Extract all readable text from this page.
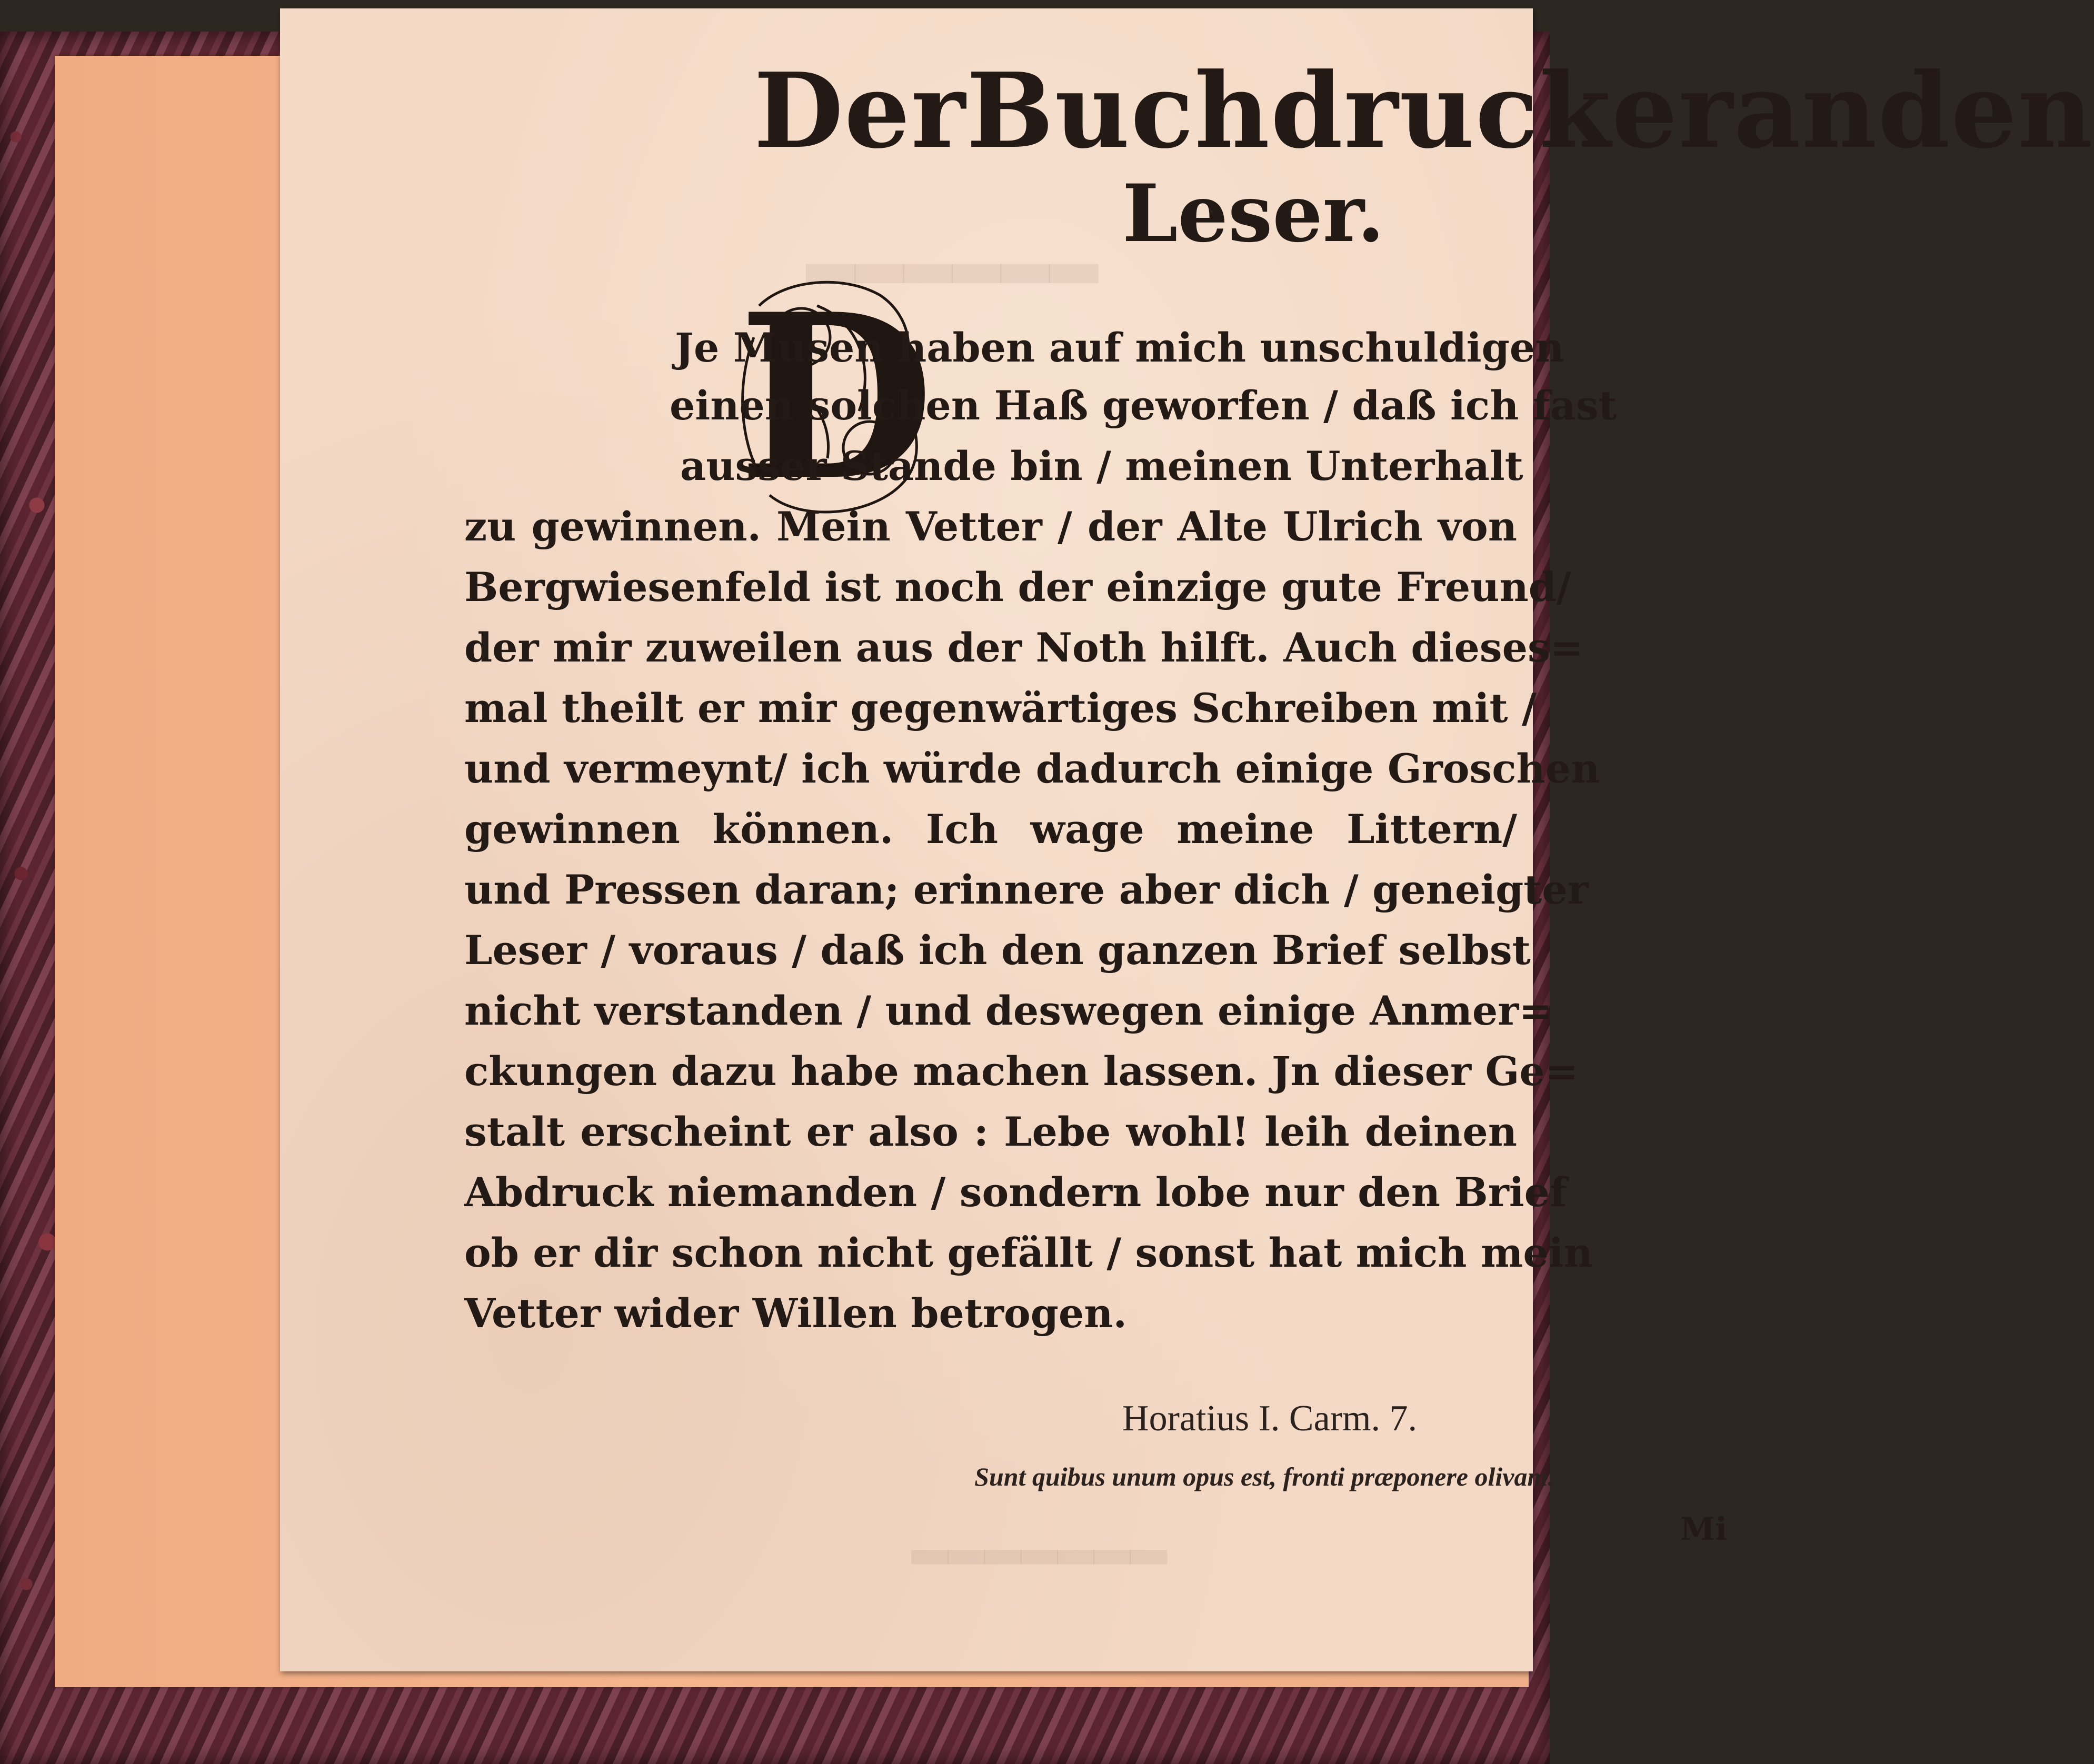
▂▂▂▂▂▂
▂▂▂▂▂▂▂
Der Buchdrucker an den
Leser.
D
Je Musen haben auf mich unschuldigen
einen solchen Haß geworfen / daß ich fast
ausser Stande bin / meinen Unterhalt
zu gewinnen. Mein Vetter / der Alte Ulrich von
Bergwiesenfeld ist noch der einzige gute Freund/
der mir zuweilen aus der Noth hilft. Auch dieses=
mal theilt er mir gegenwärtiges Schreiben mit /
und vermeynt/ ich würde dadurch einige Groschen
gewinnen können. Ich wage meine Littern/
und Pressen daran; erinnere aber dich / geneigter
Leser / voraus / daß ich den ganzen Brief selbst
nicht verstanden / und deswegen einige Anmer=
ckungen dazu habe machen lassen. Jn dieser Ge=
stalt erscheint er also : Lebe wohl! leih deinen
Abdruck niemanden / sondern lobe nur den Brief
ob er dir schon nicht gefällt / sonst hat mich mein
Vetter wider Willen betrogen.
Horatius I. Carm. 7.
Sunt quibus unum opus est, fronti præponere olivam.
Mi
